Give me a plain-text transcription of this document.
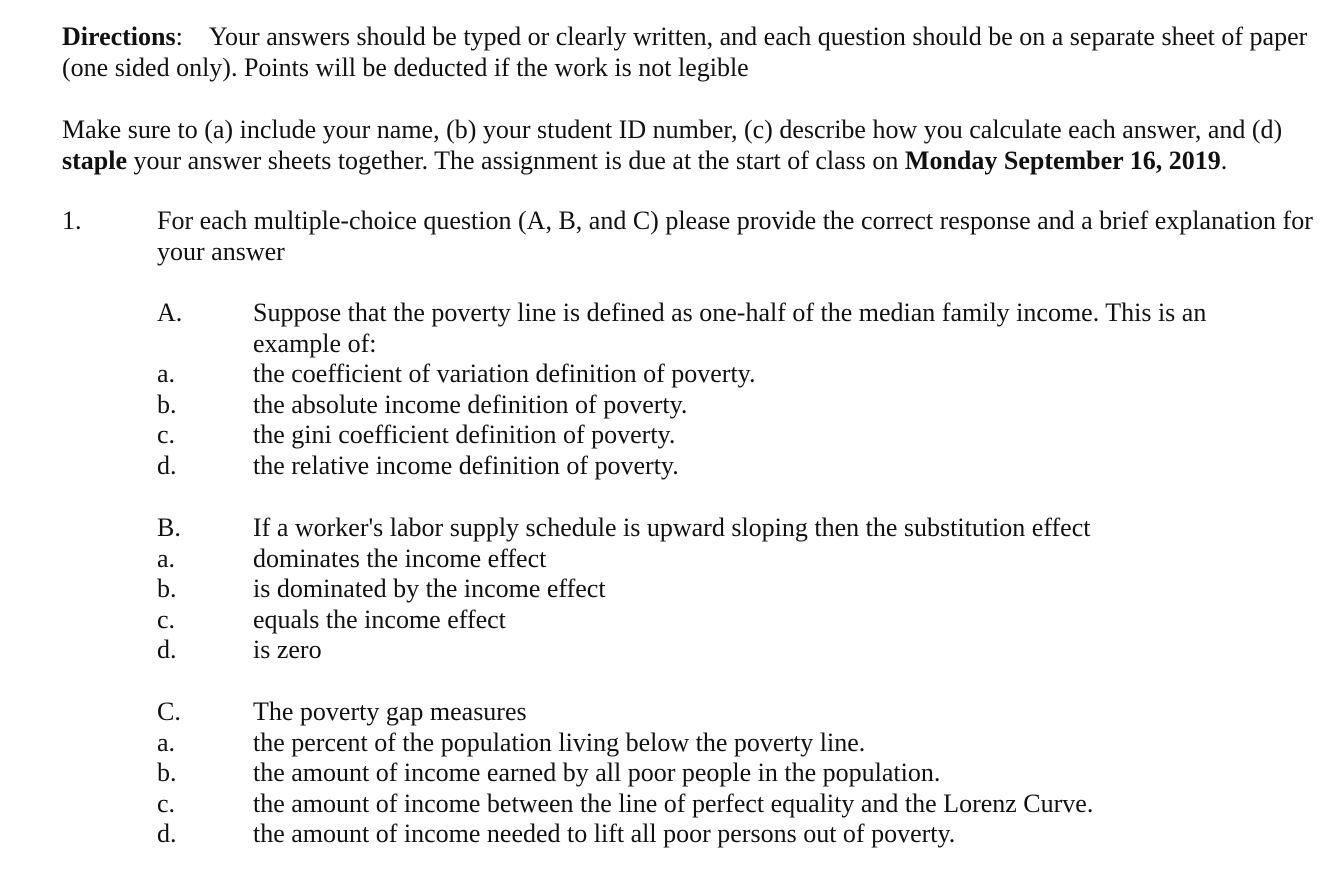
Directions: Your answers should be typed or clearly written, and each question should be on a separate sheet of paper (one sided only). Points will be deducted if the work is not legible

Make sure to (a) include your name, (b) your student ID number, (c) describe how you calculate each answer, and (d) staple your answer sheets together. The assignment is due at the start of class on Monday September 16, 2019.

1.	For each multiple-choice question (A, B, and C) please provide the correct response and a brief explanation for your answer

A.	Suppose that the poverty line is defined as one-half of the median family income. This is an example of:
a.	the coefficient of variation definition of poverty.
b.	the absolute income definition of poverty.
c.	the gini coefficient definition of poverty.
d.	the relative income definition of poverty.
B.	If a worker's labor supply schedule is upward sloping then the substitution effect
a.	dominates the income effect
b.	is dominated by the income effect
c.	equals the income effect
d.	is zero
C.	The poverty gap measures
a.	the percent of the population living below the poverty line.
b.	the amount of income earned by all poor people in the population.
c.	the amount of income between the line of perfect equality and the Lorenz Curve.
d.	the amount of income needed to lift all poor persons out of poverty.
